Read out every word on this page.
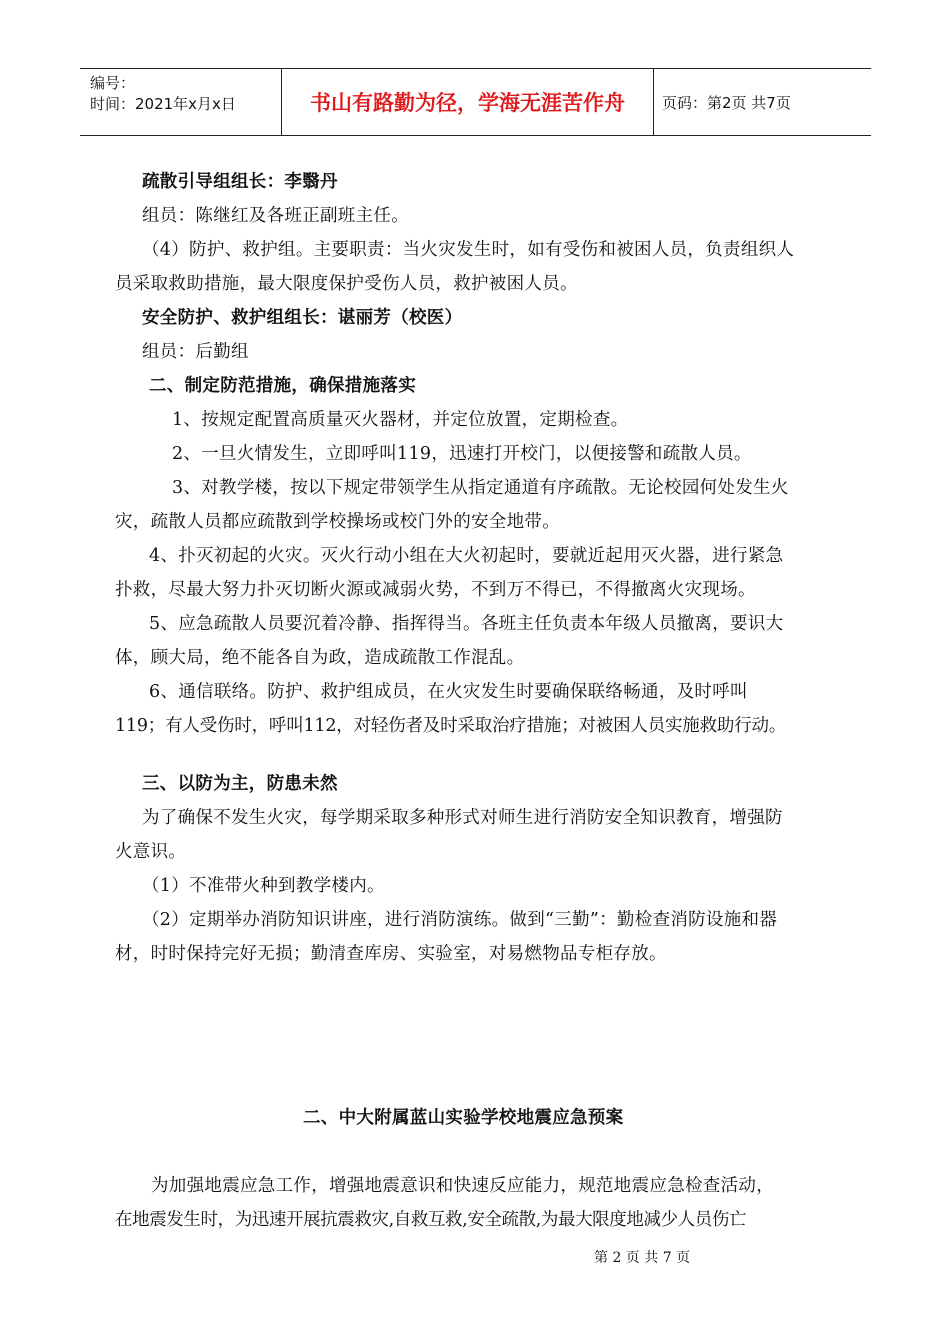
编号：
时间：2021年x月x日	书山有路勤为径，学海无涯苦作舟	页码：第2页 共7页
疏散引导组组长：李翳丹
组员：陈继红及各班正副班主任。
（4）防护、救护组。主要职责：当火灾发生时，如有受伤和被困人员，负责组织人
员采取救助措施，最大限度保护受伤人员，救护被困人员。
安全防护、救护组组长：谌丽芳（校医）
组员：后勤组
二、制定防范措施，确保措施落实
1、按规定配置高质量灭火器材，并定位放置，定期检查。
2、一旦火情发生，立即呼叫119，迅速打开校门，以便接警和疏散人员。
3、对教学楼，按以下规定带领学生从指定通道有序疏散。无论校园何处发生火
灾，疏散人员都应疏散到学校操场或校门外的安全地带。
4、扑灭初起的火灾。灭火行动小组在大火初起时，要就近起用灭火器，进行紧急
扑救，尽最大努力扑灭切断火源或减弱火势，不到万不得已，不得撤离火灾现场。
5、应急疏散人员要沉着冷静、指挥得当。各班主任负责本年级人员撤离，要识大
体，顾大局，绝不能各自为政，造成疏散工作混乱。
6、通信联络。防护、救护组成员，在火灾发生时要确保联络畅通，及时呼叫
119；有人受伤时，呼叫112，对轻伤者及时采取治疗措施；对被困人员实施救助行动。
三、以防为主，防患未然
为了确保不发生火灾，每学期采取多种形式对师生进行消防安全知识教育，增强防
火意识。
（1）不准带火种到教学楼内。
（2）定期举办消防知识讲座，进行消防演练。做到“三勤”：勤检查消防设施和器
材，时时保持完好无损；勤清查库房、实验室，对易燃物品专柜存放。
二、中大附属蓝山实验学校地震应急预案
为加强地震应急工作，增强地震意识和快速反应能力，规范地震应急检查活动，
在地震发生时，为迅速开展抗震救灾,自救互救,安全疏散,为最大限度地减少人员伤亡
第 2 页 共 7 页
